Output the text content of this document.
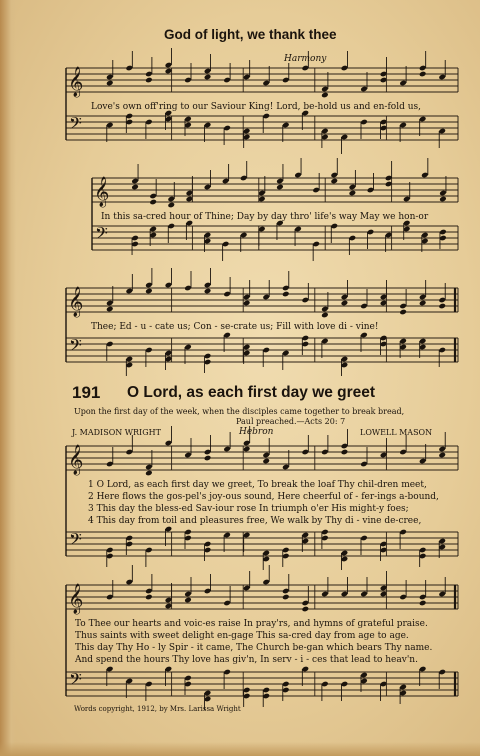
𝄞
𝄢
𝄞
𝄢
𝄞
𝄢
𝄞
𝄢
𝄞
𝄢
God of light, we thank thee
Harmony
Love's own off'ring to our Saviour King! Lord, be-hold us and en-fold us,
In this sa-cred hour of Thine; Day by day thro' life's way May we hon-or
Thee; Ed - u - cate us; Con - se-crate us; Fill with love di - vine!
191 O Lord, as each first day we greet
Upon the first day of the week, when the disciples came together to break bread,
Paul preached.—Acts 20: 7
J. MADISON WRIGHT	Hebron	LOWELL MASON
1 O Lord, as each first day we greet, To break the loaf Thy chil-dren meet,
2 Here flows the gos-pel's joy-ous sound, Here cheerful of - fer-ings a-bound,
3 This day the bless-ed Sav-iour rose In triumph o'er His might-y foes;
4 This day from toil and pleasures free, We walk by Thy di - vine de-cree,
To Thee our hearts and voic-es raise In pray'rs, and hymns of grateful praise.
Thus saints with sweet delight en-gage This sa-cred day from age to age.
This day Thy Ho - ly Spir - it came, The Church be-gan which bears Thy name.
And spend the hours Thy love has giv'n, In serv - i - ces that lead to heav'n.
Words copyright, 1912, by Mrs. Larissa Wright
